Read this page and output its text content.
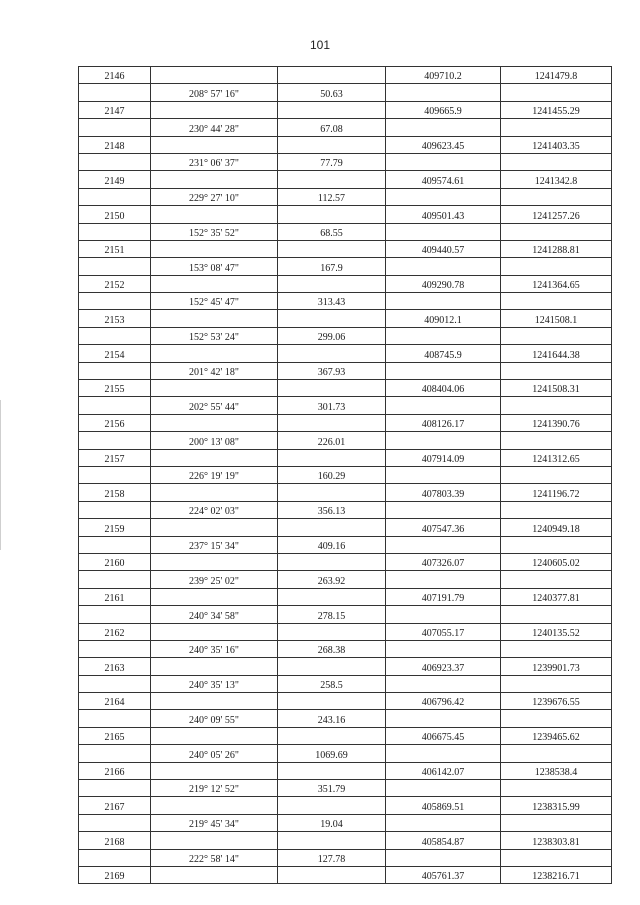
101
2146			409710.2	1241479.8
	208° 57' 16"	50.63		
2147			409665.9	1241455.29
	230° 44' 28"	67.08		
2148			409623.45	1241403.35
	231° 06' 37"	77.79		
2149			409574.61	1241342.8
	229° 27' 10"	112.57		
2150			409501.43	1241257.26
	152° 35' 52"	68.55		
2151			409440.57	1241288.81
	153° 08' 47"	167.9		
2152			409290.78	1241364.65
	152° 45' 47"	313.43		
2153			409012.1	1241508.1
	152° 53' 24"	299.06		
2154			408745.9	1241644.38
	201° 42' 18"	367.93		
2155			408404.06	1241508.31
	202° 55' 44"	301.73		
2156			408126.17	1241390.76
	200° 13' 08"	226.01		
2157			407914.09	1241312.65
	226° 19' 19"	160.29		
2158			407803.39	1241196.72
	224° 02' 03"	356.13		
2159			407547.36	1240949.18
	237° 15' 34"	409.16		
2160			407326.07	1240605.02
	239° 25' 02"	263.92		
2161			407191.79	1240377.81
	240° 34' 58"	278.15		
2162			407055.17	1240135.52
	240° 35' 16"	268.38		
2163			406923.37	1239901.73
	240° 35' 13"	258.5		
2164			406796.42	1239676.55
	240° 09' 55"	243.16		
2165			406675.45	1239465.62
	240° 05' 26"	1069.69		
2166			406142.07	1238538.4
	219° 12' 52"	351.79		
2167			405869.51	1238315.99
	219° 45' 34"	19.04		
2168			405854.87	1238303.81
	222° 58' 14"	127.78		
2169			405761.37	1238216.71
